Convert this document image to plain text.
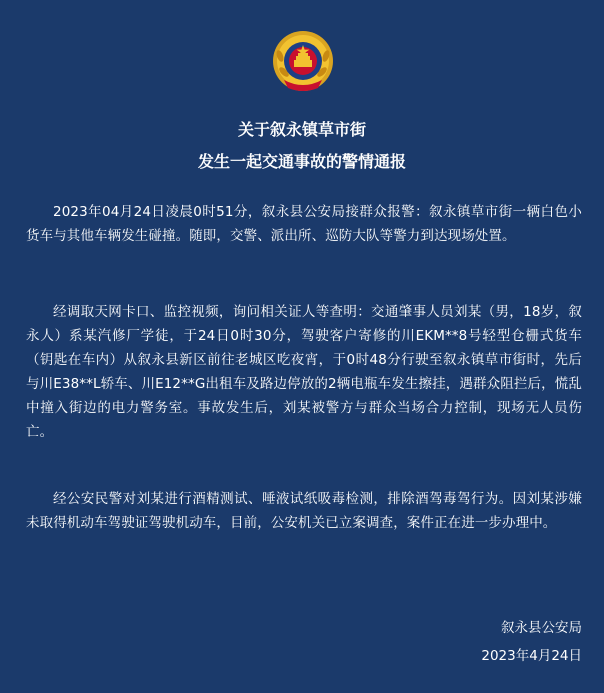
关于叙永镇草市街
发生一起交通事故的警情通报

2023年04月24日凌晨0时51分，叙永县公安局接群众报警：叙永镇草市街一辆白色小货车与其他车辆发生碰撞。随即，交警、派出所、巡防大队等警力到达现场处置。

经调取天网卡口、监控视频，询问相关证人等查明：交通肇事人员刘某（男，18岁，叙永人）系某汽修厂学徒，于24日0时30分，驾驶客户寄修的川EKM**8号轻型仓栅式货车（钥匙在车内）从叙永县新区前往老城区吃夜宵，于0时48分行驶至叙永镇草市街时，先后与川E38**L轿车、川E12**G出租车及路边停放的2辆电瓶车发生擦挂，遇群众阻拦后，慌乱中撞入街边的电力警务室。事故发生后，刘某被警方与群众当场合力控制，现场无人员伤亡。

经公安民警对刘某进行酒精测试、唾液试纸吸毒检测，排除酒驾毒驾行为。因刘某涉嫌未取得机动车驾驶证驾驶机动车，目前，公安机关已立案调查，案件正在进一步办理中。

叙永县公安局
2023年4月24日
